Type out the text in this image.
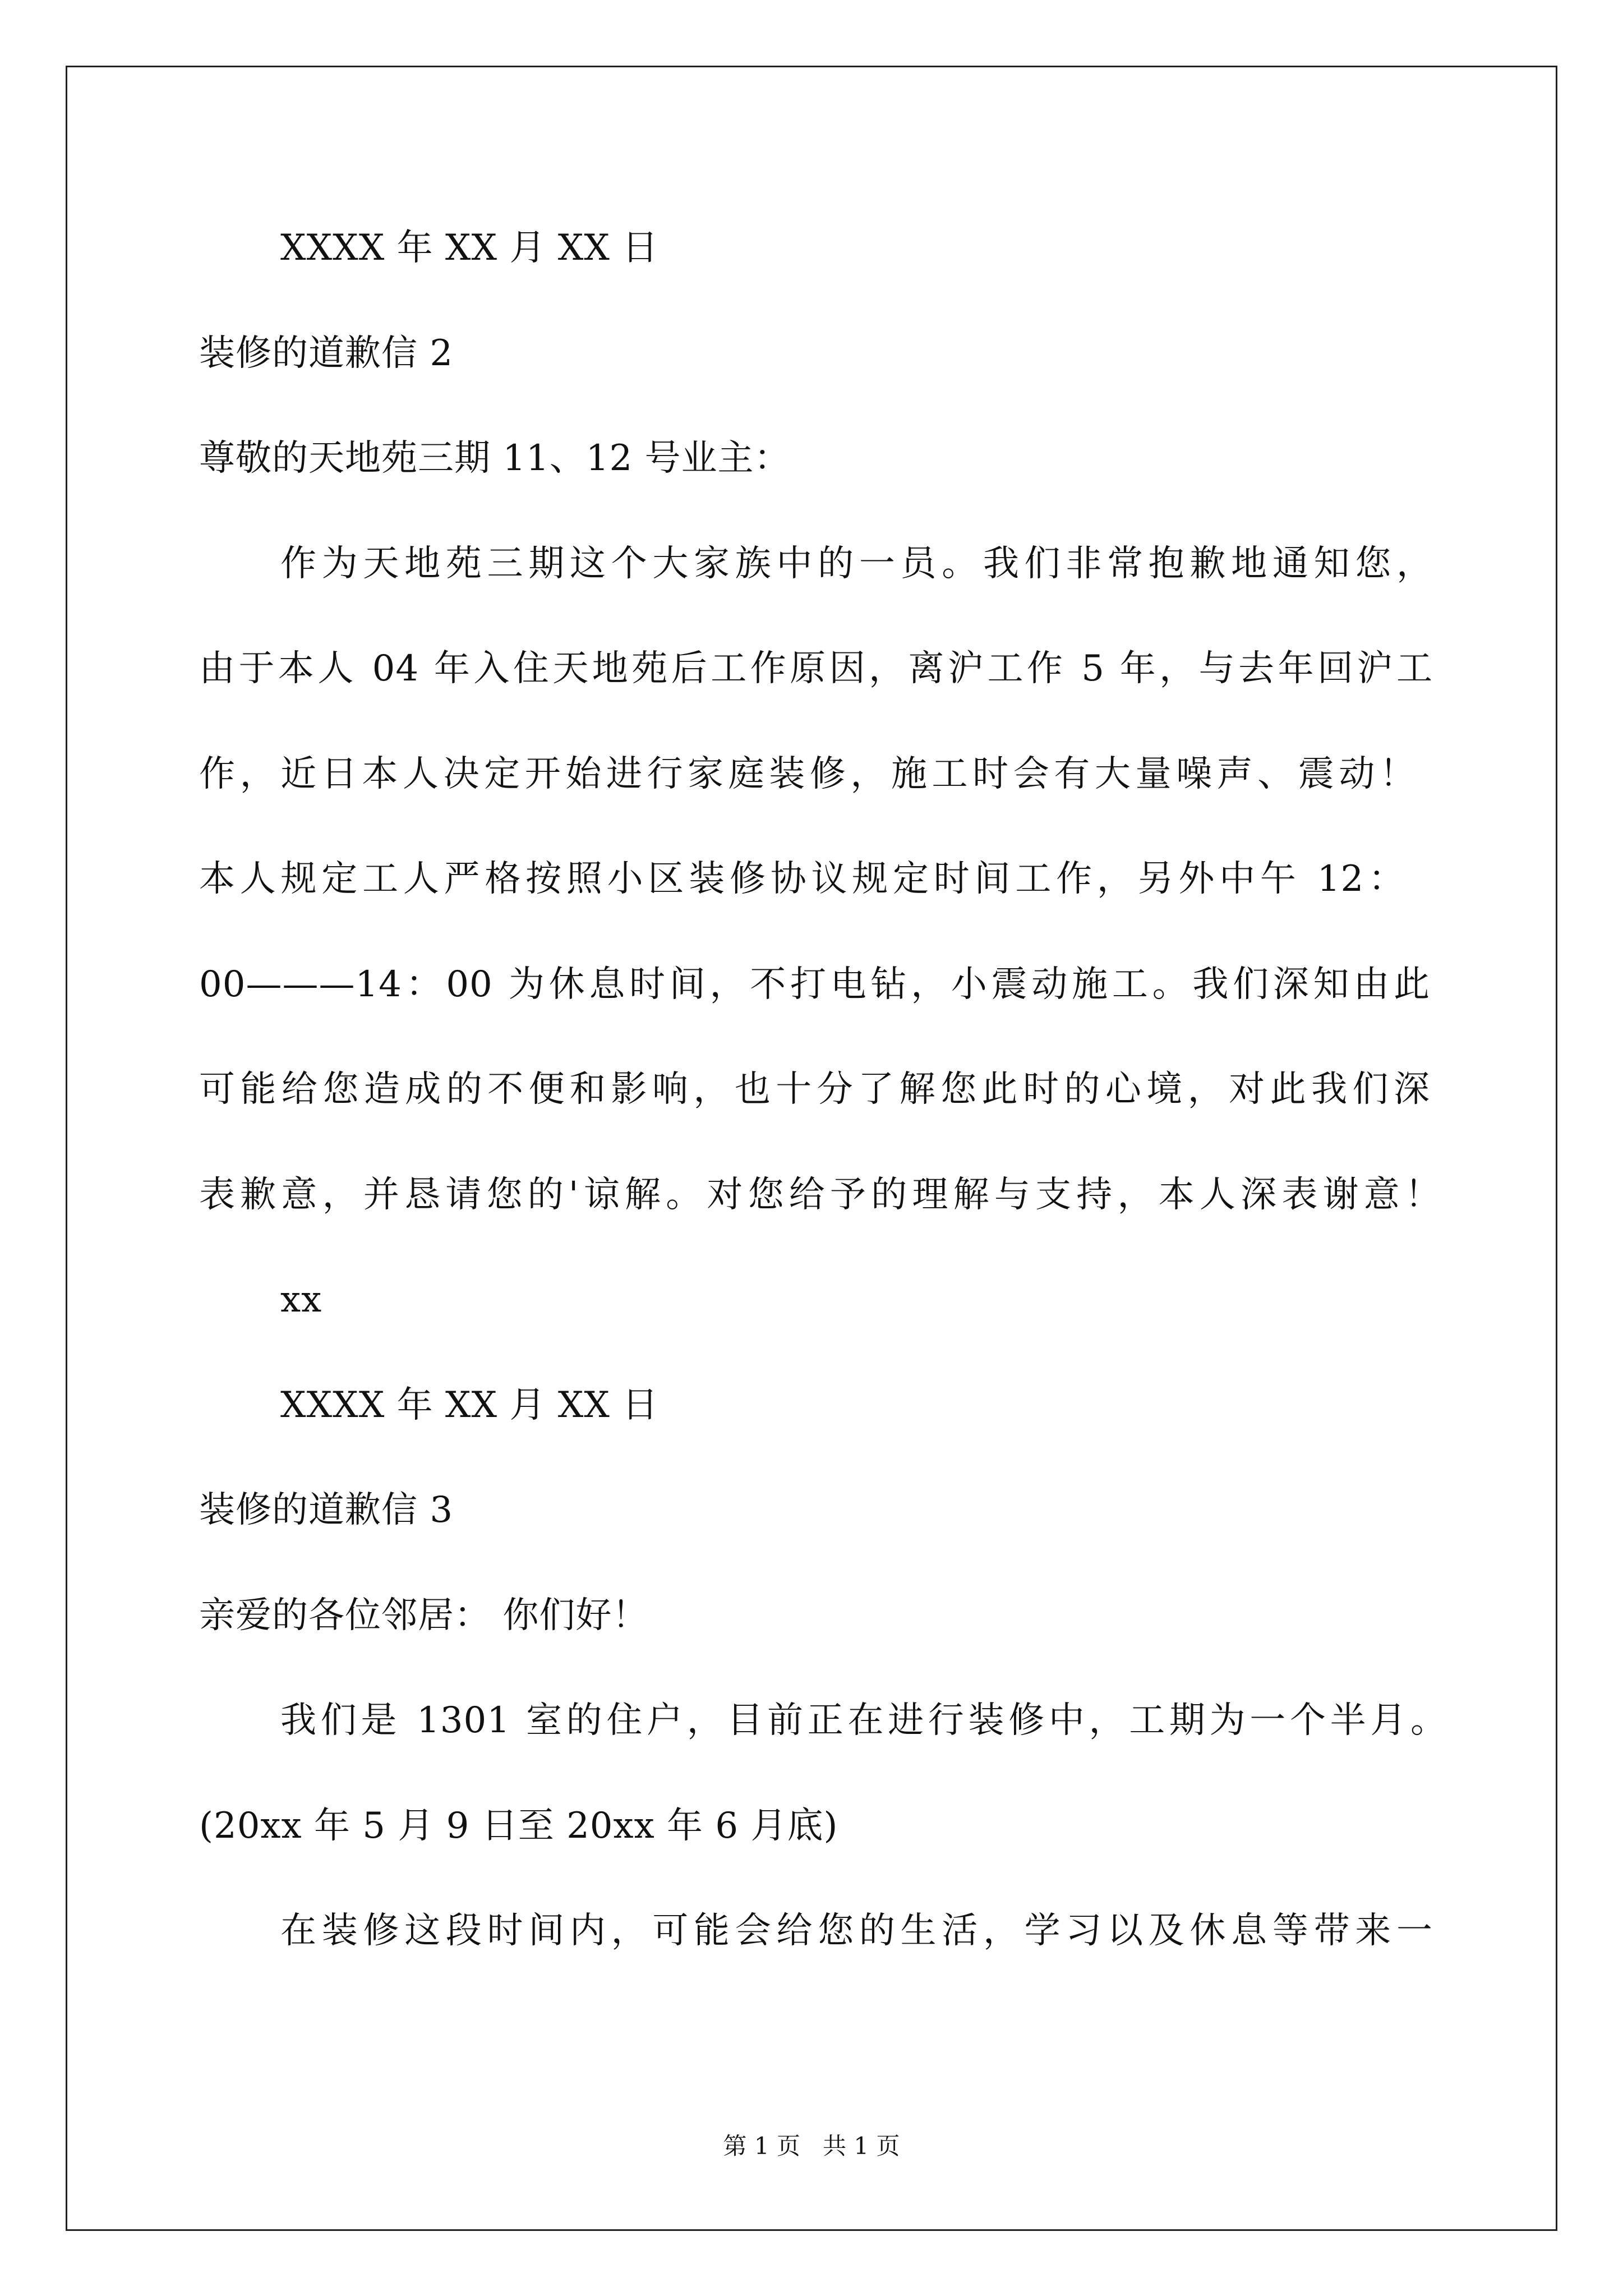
XXXX 年 XX 月 XX 日
装修的道歉信 2
尊敬的天地苑三期 11、12 号业主：
作为天地苑三期这个大家族中的一员。我们非常抱歉地通知您，
由于本人 04 年入住天地苑后工作原因，离沪工作 5 年，与去年回沪工
作，近日本人决定开始进行家庭装修，施工时会有大量噪声、震动！
本人规定工人严格按照小区装修协议规定时间工作，另外中午 12：
00———14：00 为休息时间，不打电钻，小震动施工。我们深知由此
可能给您造成的不便和影响，也十分了解您此时的心境，对此我们深
表歉意，并恳请您的'谅解。对您给予的理解与支持，本人深表谢意！
xx
XXXX 年 XX 月 XX 日
装修的道歉信 3
亲爱的各位邻居： 你们好！
我们是 1301 室的住户，目前正在进行装修中，工期为一个半月。
(20xx 年 5 月 9 日至 20xx 年 6 月底)
在装修这段时间内，可能会给您的生活，学习以及休息等带来一
第 1 页   共 1 页
